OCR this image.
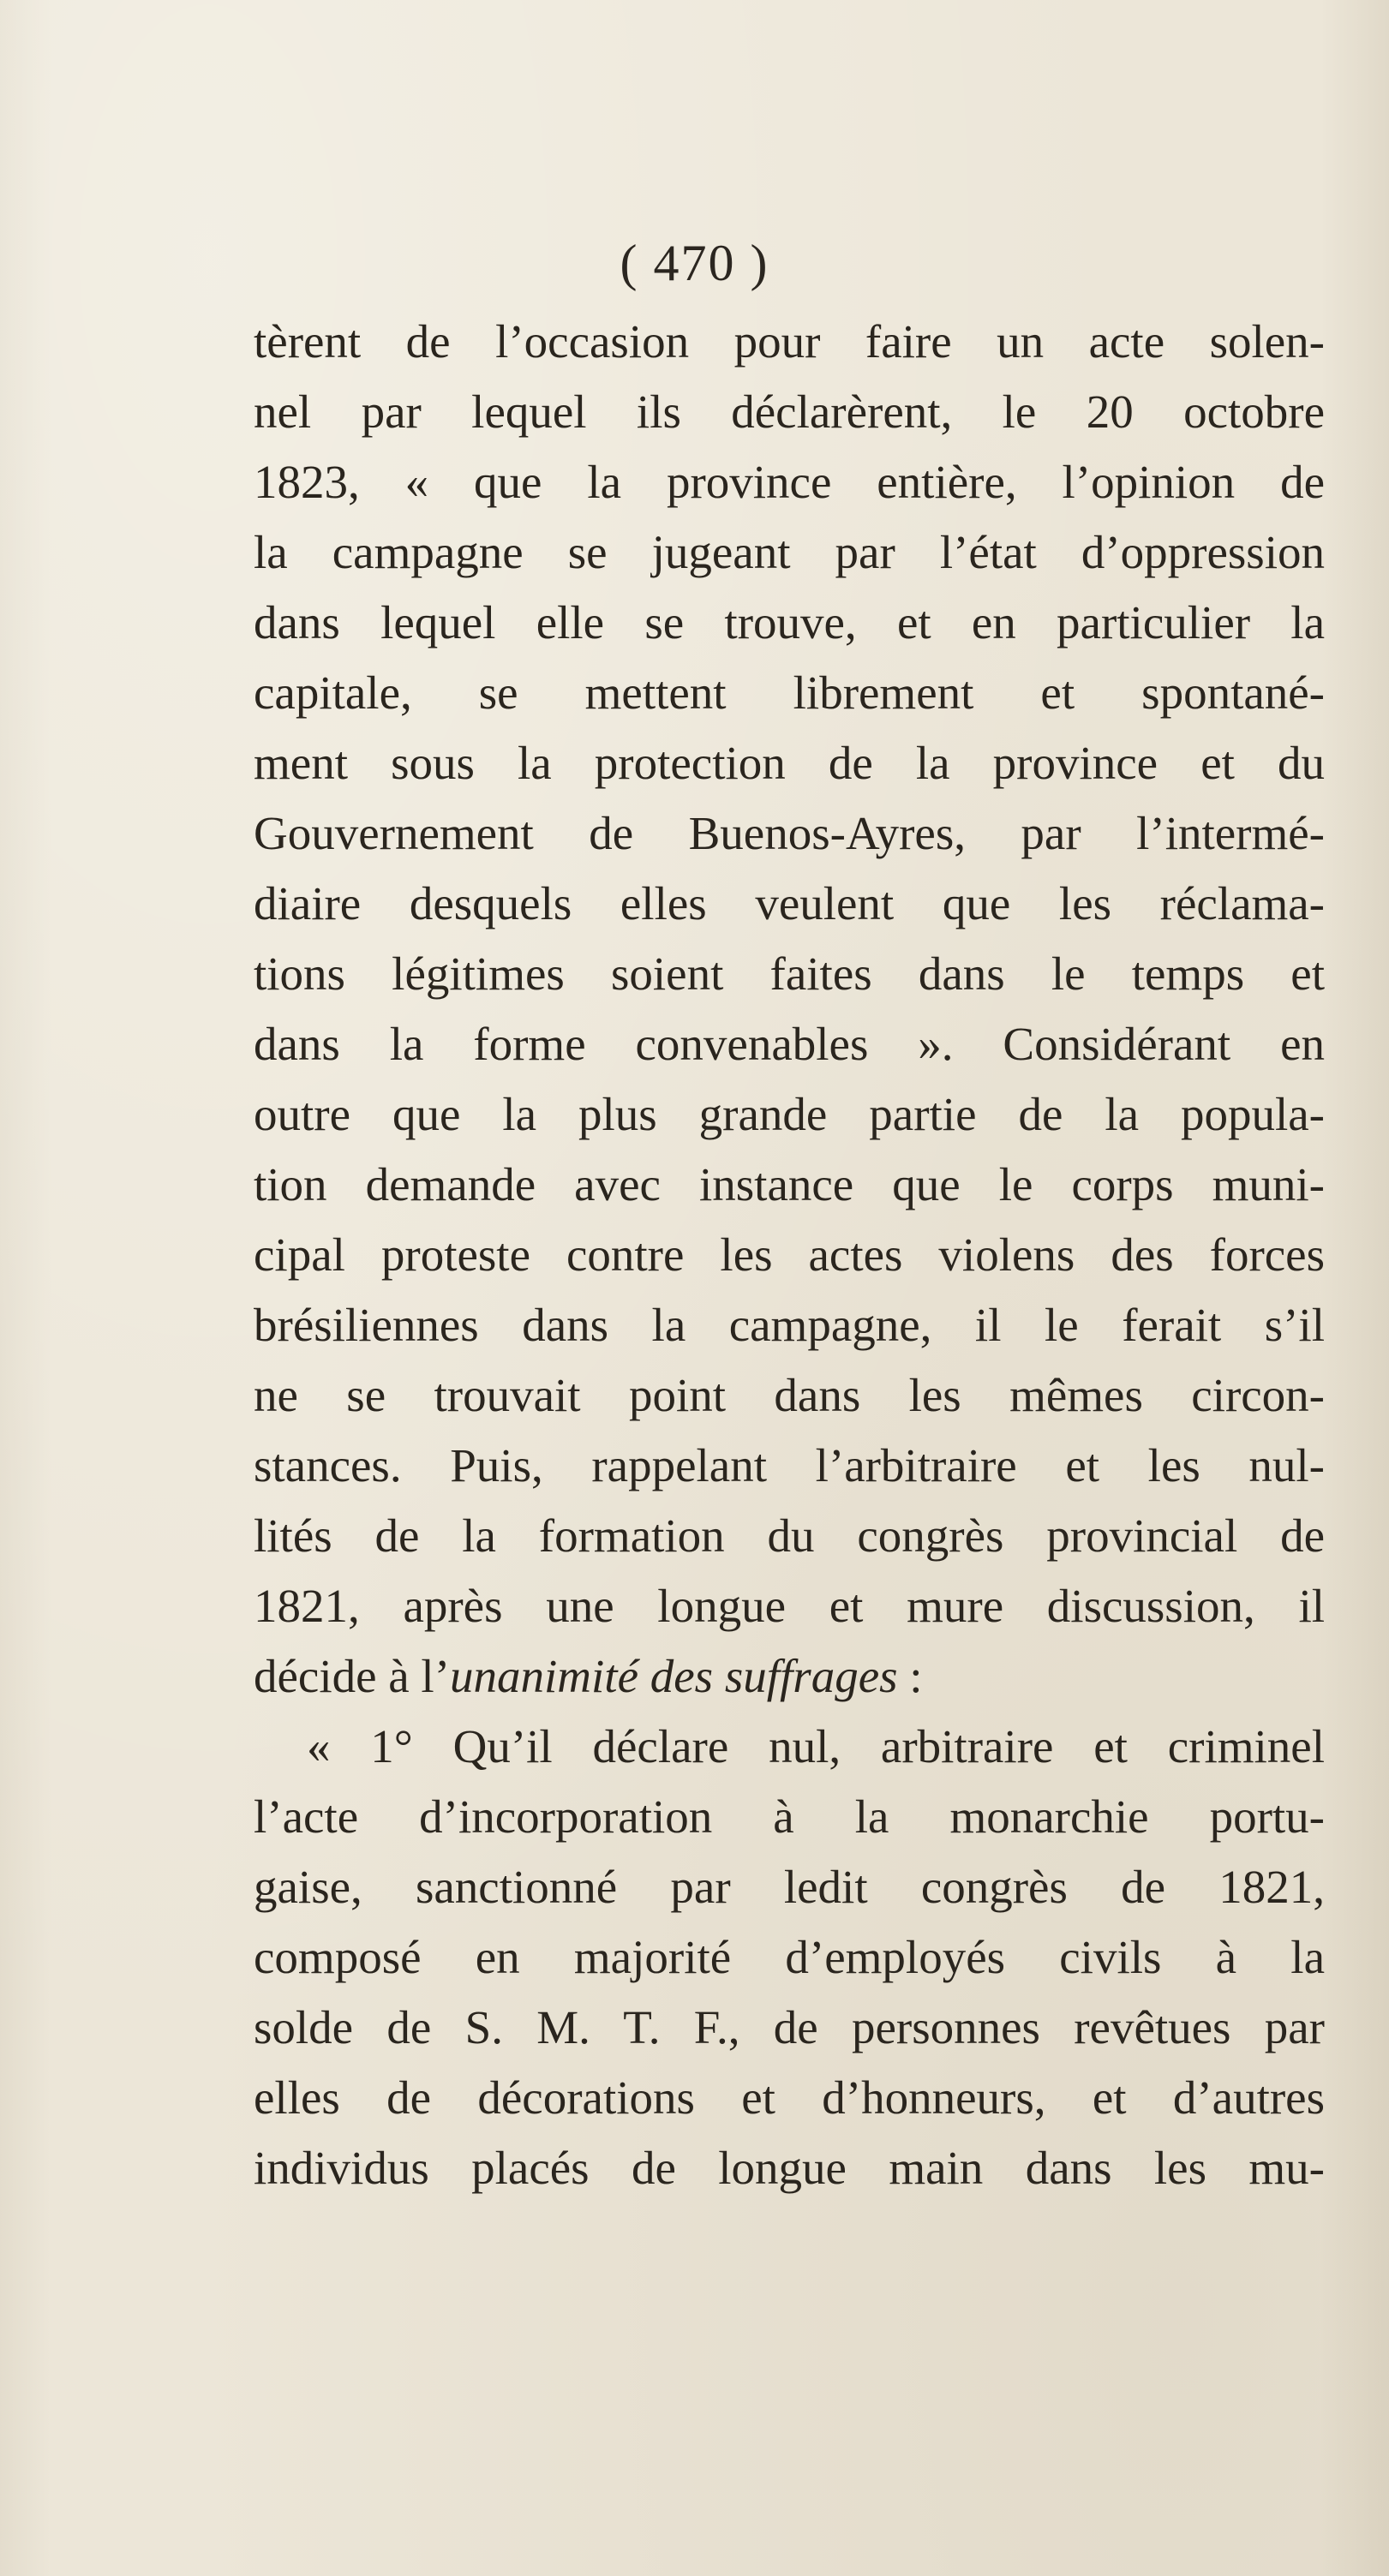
( 470 )
tèrent de l’occasion pour faire un acte solen-
nel par lequel ils déclarèrent, le 20 octobre
1823, « que la province entière, l’opinion de
la campagne se jugeant par l’état d’oppression
dans lequel elle se trouve, et en particulier la
capitale, se mettent librement et spontané-
ment sous la protection de la province et du
Gouvernement de Buenos-Ayres, par l’intermé-
diaire desquels elles veulent que les réclama-
tions légitimes soient faites dans le temps et
dans la forme convenables ». Considérant en
outre que la plus grande partie de la popula-
tion demande avec instance que le corps muni-
cipal proteste contre les actes violens des forces
brésiliennes dans la campagne, il le ferait s’il
ne se trouvait point dans les mêmes circon-
stances. Puis, rappelant l’arbitraire et les nul-
lités de la formation du congrès provincial de
1821, après une longue et mure discussion, il
décide à l’unanimité des suffrages :
« 1° Qu’il déclare nul, arbitraire et criminel
l’acte d’incorporation à la monarchie portu-
gaise, sanctionné par ledit congrès de 1821,
composé en majorité d’employés civils à la
solde de S. M. T. F., de personnes revêtues par
elles de décorations et d’honneurs, et d’autres
individus placés de longue main dans les mu-
